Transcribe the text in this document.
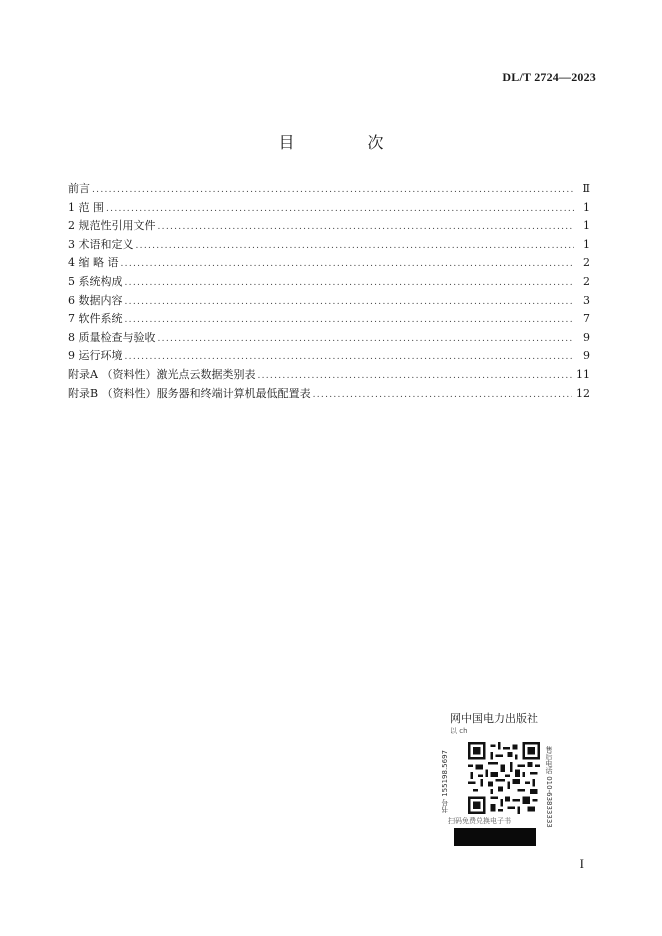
DL/T 2724—2023
目 次
前言 .....	Ⅱ
1 范 围 .....	1
2 规范性引用文件 .....	1
3 术语和定义 .....	1
4 缩 略 语 .....	2
5 系统构成 .....	2
6 数据内容 .....	3
7 软件系统 .....	7
8 质量检查与验收 .....	9
9 运行环境 .....	9
附录A （资料性）激光点云数据类别表 .....	11
附录B （资料性）服务器和终端计算机最低配置表 .....	12
网中国电力出版社
以 ch
书号 155198.5697	售后电话 010-63833333
扫码免费兑换电子书
I
